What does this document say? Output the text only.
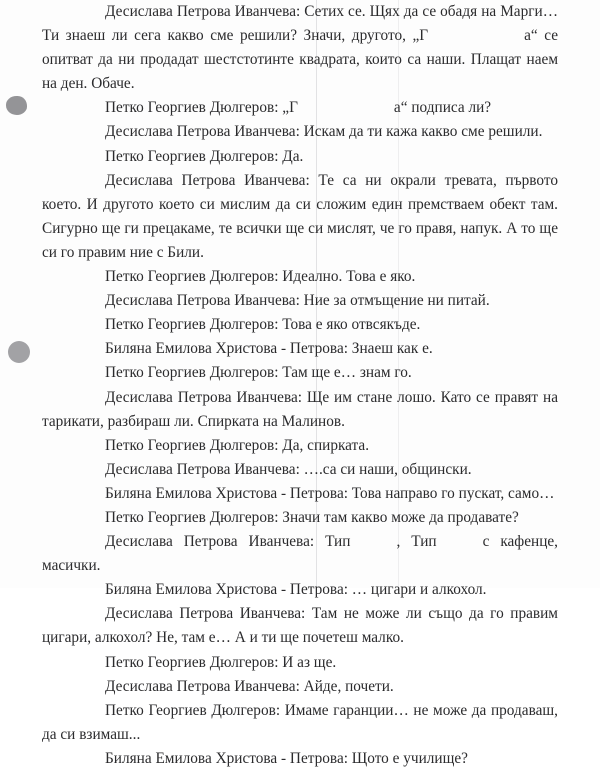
Десислава Петрова Иванчева: Сетих се. Щях да се обадя на Марги… Ти знаеш ли сега какво сме решили? Значи, другото, „Г	а“ се опитват да ни продадат шестстотинте квадрата, които са наши. Плащат наем на ден. Обаче.

Петко Георгиев Дюлгеров: „Г	а“ подписа ли?

Десислава Петрова Иванчева: Искам да ти кажа какво сме решили.

Петко Георгиев Дюлгеров: Да.

Десислава Петрова Иванчева: Те са ни окрали тревата, първото което. И другото което си мислим да си сложим един премстваем обект там. Сигурно ще ги прецакаме, те всички ще си мислят, че го правя, напук. А то ще си го правим ние с Били.

Петко Георгиев Дюлгеров: Идеално. Това е яко.

Десислава Петрова Иванчева: Ние за отмъщение ни питай.

Петко Георгиев Дюлгеров: Това е яко отвсякъде.

Биляна Емилова Христова - Петрова: Знаеш как е.

Петко Георгиев Дюлгеров: Там ще е… знам го.

Десислава Петрова Иванчева: Ще им стане лошо. Като се правят на тарикати, разбираш ли. Спирката на Малинов.

Петко Георгиев Дюлгеров: Да, спирката.

Десислава Петрова Иванчева: ….са си наши, общински.

Биляна Емилова Христова - Петрова: Това направо го пускат, само…

Петко Георгиев Дюлгеров: Значи там какво може да продавате?

Десислава Петрова Иванчева: Тип	, Тип	с кафенце, масички.

Биляна Емилова Христова - Петрова: … цигари и алкохол.

Десислава Петрова Иванчева: Там не може ли също да го правим цигари, алкохол? Не, там е… А и ти ще почетеш малко.

Петко Георгиев Дюлгеров: И аз ще.

Десислава Петрова Иванчева: Айде, почети.

Петко Георгиев Дюлгеров: Имаме гаранции… не може да продаваш, да си взимаш...

Биляна Емилова Христова - Петрова: Щото е училище?
